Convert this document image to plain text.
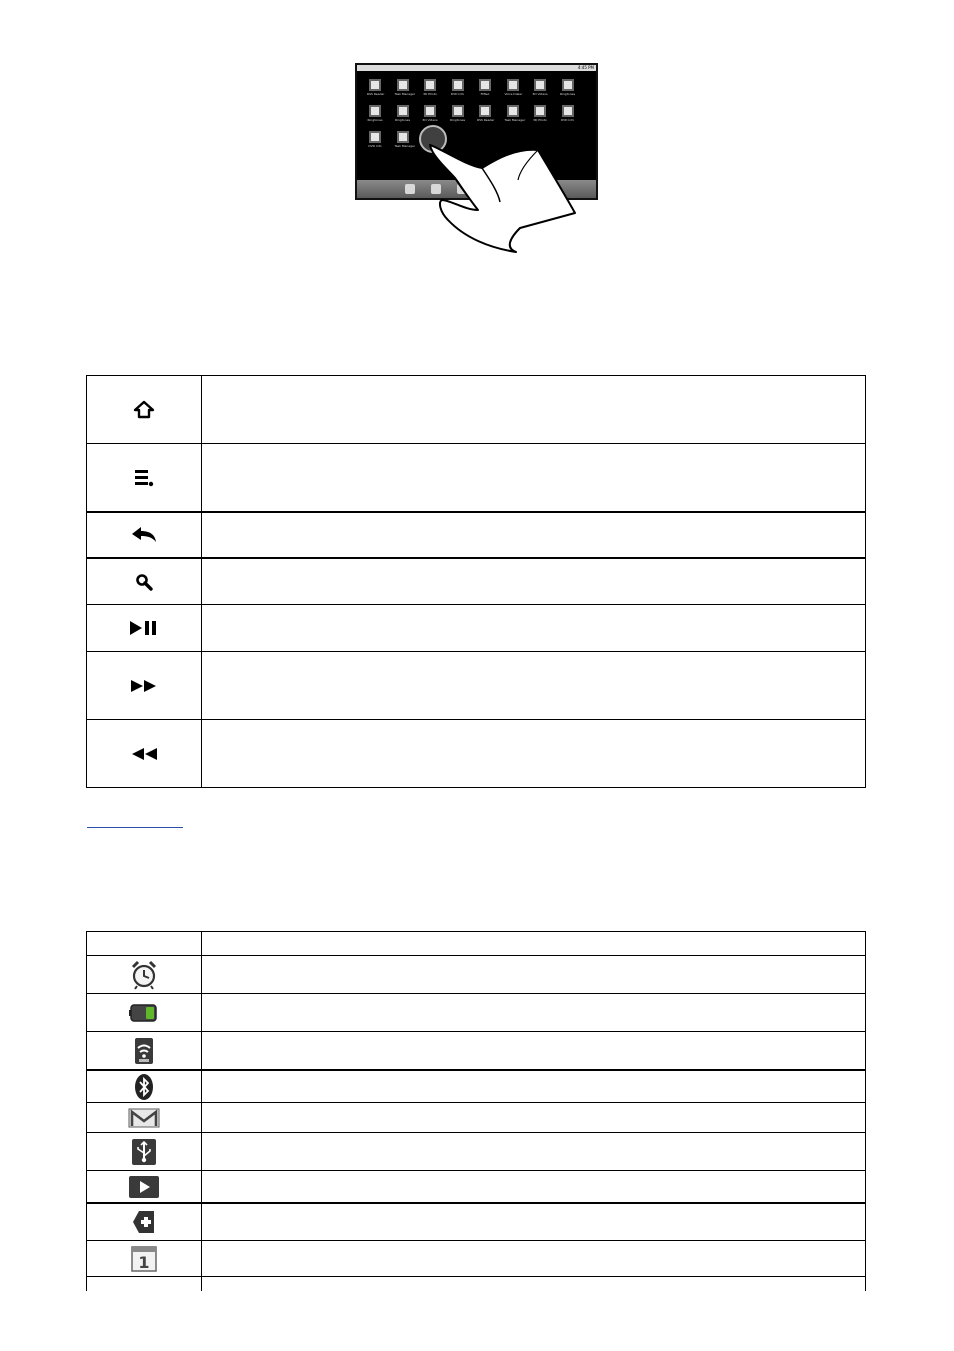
4:45 PM
RSS Reader	Task Manager	3D Photo	DVD Info	FM&A	Voice Dialer	3D Videos	Ringtones
Ringtones	Ringtones	3D Videos	Ringtones	RSS Reader	Task Manager	3D Photo	DVD Info
DVD Info	Task Manager
1
